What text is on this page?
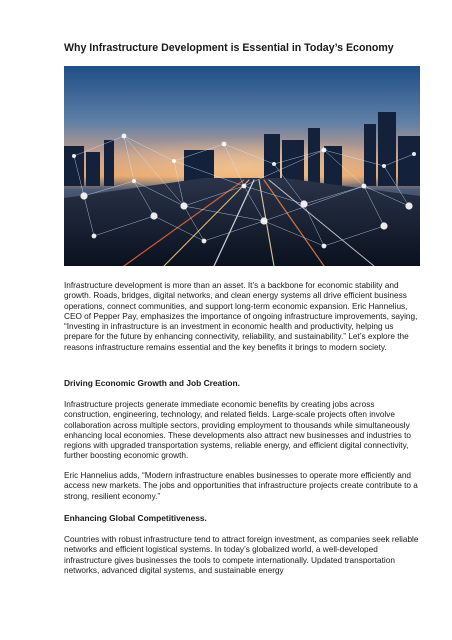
Why Infrastructure Development is Essential in Today’s Economy

Infrastructure development is more than an asset. It’s a backbone for economic stability and growth. Roads, bridges, digital networks, and clean energy systems all drive efficient business operations, connect communities, and support long-term economic expansion. Eric Hannelius, CEO of Pepper Pay, emphasizes the importance of ongoing infrastructure improvements, saying, “Investing in infrastructure is an investment in economic health and productivity, helping us prepare for the future by enhancing connectivity, reliability, and sustainability.” Let’s explore the reasons infrastructure remains essential and the key benefits it brings to modern society.

Driving Economic Growth and Job Creation.

Infrastructure projects generate immediate economic benefits by creating jobs across construction, engineering, technology, and related fields. Large-scale projects often involve collaboration across multiple sectors, providing employment to thousands while simultaneously enhancing local economies. These developments also attract new businesses and industries to regions with upgraded transportation systems, reliable energy, and efficient digital connectivity, further boosting economic growth.

Eric Hannelius adds, “Modern infrastructure enables businesses to operate more efficiently and access new markets. The jobs and opportunities that infrastructure projects create contribute to a strong, resilient economy.”

Enhancing Global Competitiveness.

Countries with robust infrastructure tend to attract foreign investment, as companies seek reliable networks and efficient logistical systems. In today’s globalized world, a well-developed infrastructure gives businesses the tools to compete internationally. Updated transportation networks, advanced digital systems, and sustainable energy
